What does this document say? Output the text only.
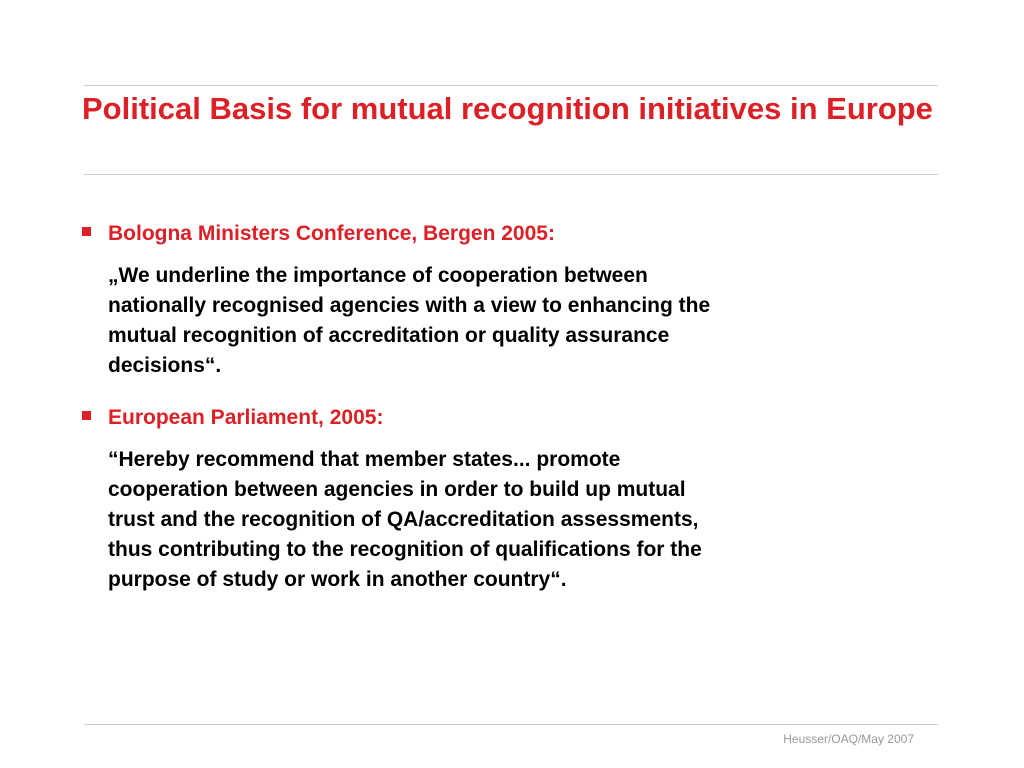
Political Basis for mutual recognition initiatives in Europe
Bologna Ministers Conference, Bergen 2005:
„We underline the importance of cooperation between
nationally recognised agencies with a view to enhancing the
mutual recognition of accreditation or quality assurance
decisions“.
European Parliament, 2005:
“Hereby recommend that member states... promote
cooperation between agencies in order to build up mutual
trust and the recognition of QA/accreditation assessments,
thus contributing to the recognition of qualifications for the
purpose of study or work in another country“.
Heusser/OAQ/May 2007
